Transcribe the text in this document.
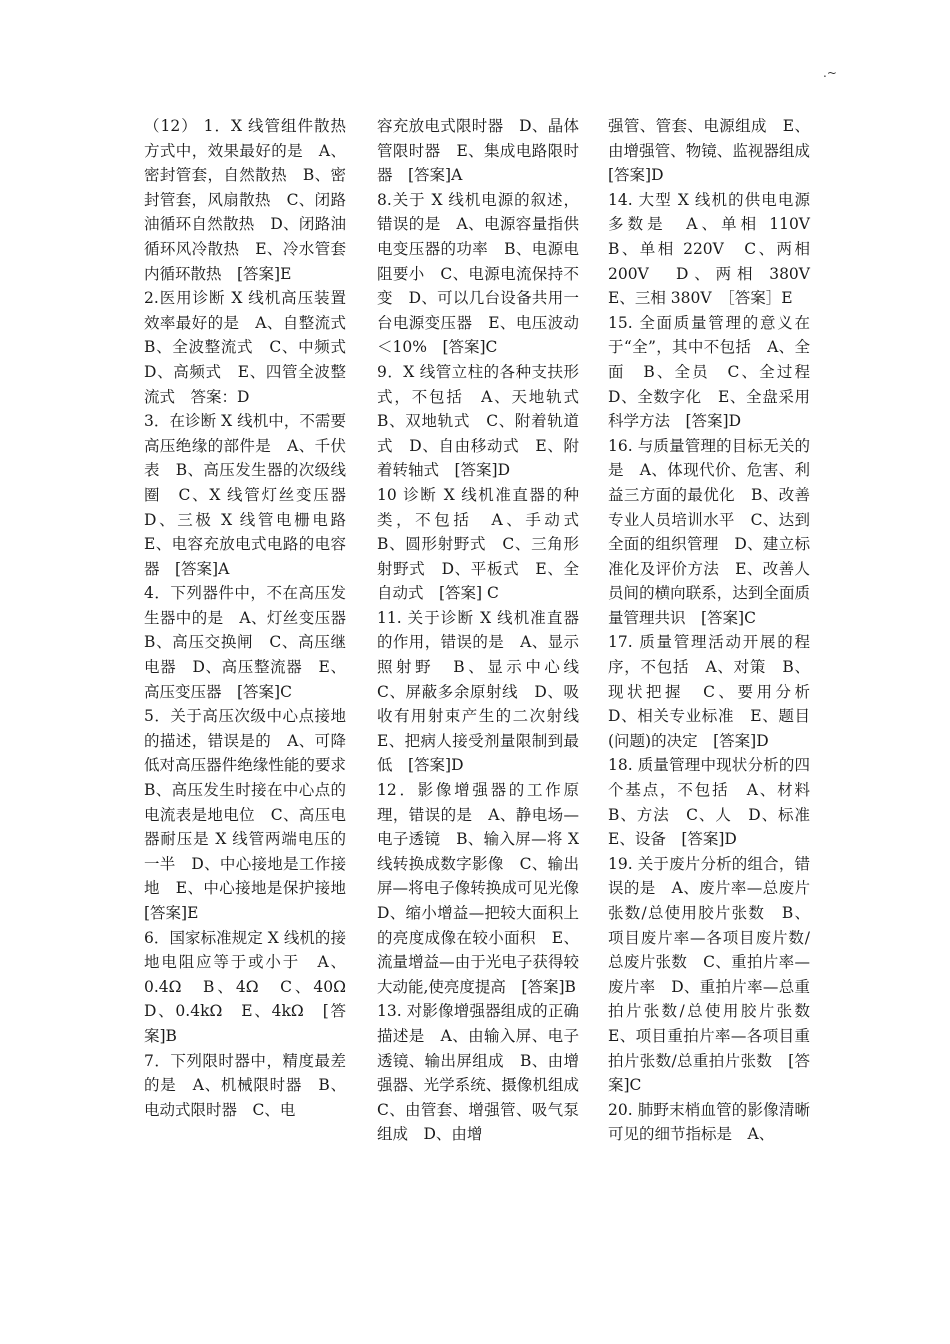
.~

（12） 1．X 线管组件散热方式中，效果最好的是　A、密封管套，自然散热　B、密封管套，风扇散热　C、闭路油循环自然散热　D、闭路油循环风冷散热　E、冷水管套内循环散热　[答案]E

2.医用诊断 X 线机高压装置效率最好的是　A、自整流式　B、全波整流式　C、中频式　D、高频式　E、四管全波整流式　答案：D

3．在诊断 X 线机中，不需要高压绝缘的部件是　A、千伏表　B、高压发生器的次级线圈　C、X 线管灯丝变压器　D、三极 X 线管电栅电路　E、电容充放电式电路的电容器　[答案]A

4．下列器件中，不在高压发生器中的是　A、灯丝变压器　B、高压交换闸　C、高压继电器　D、高压整流器　E、高压变压器　[答案]C

5．关于高压次级中心点接地的描述，错误是的　A、可降低对高压器件绝缘性能的要求　B、高压发生时接在中心点的电流表是地电位　C、高压电器耐压是 X 线管两端电压的一半　D、中心接地是工作接地　E、中心接地是保护接地　[答案]E

6．国家标准规定 X 线机的接地电阻应等于或小于　A、0.4Ω　B、4Ω　C、40Ω　D、0.4kΩ　E、4kΩ　[答案]B

7．下列限时器中，精度最差的是　A、机械限时器　B、电动式限时器　C、电

容充放电式限时器　D、晶体管限时器　E、集成电路限时器　[答案]A

8.关于 X 线机电源的叙述，错误的是　A、电源容量指供电变压器的功率　B、电源电阻要小　C、电源电流保持不变　D、可以几台设备共用一台电源变压器　E、电压波动＜10%　[答案]C

9．X 线管立柱的各种支扶形式，不包括　A、天地轨式　B、双地轨式　C、附着轨道式　D、自由移动式　E、附着转轴式　[答案]D

10 诊断 X 线机准直器的种类，不包括　A、手动式　B、圆形射野式　C、三角形射野式　D、平板式　E、全自动式　[答案] C

11. 关于诊断 X 线机准直器的作用，错误的是　A、显示照射野　B、显示中心线　C、屏蔽多余原射线　D、吸收有用射束产生的二次射线　E、把病人接受剂量限制到最低　[答案]D

12．影像增强器的工作原理，错误的是　A、静电场—电子透镜　B、输入屏—将 X 线转换成数字影像　C、输出屏—将电子像转换成可见光像　D、缩小增益—把较大面积上的亮度成像在较小面积　E、流量增益—由于光电子获得较大动能,使亮度提高　[答案]B

13. 对影像增强器组成的正确描述是　A、由输入屏、电子透镜、输出屏组成　B、由增强器、光学系统、摄像机组成　C、由管套、增强管、吸气泵组成　D、由增

强管、管套、电源组成　E、由增强管、物镜、监视器组成　[答案]D

14. 大型 X 线机的供电电源多数是　A、单相 110V　B、单相 220V　C、两相 200V　D、两相 380V　E、三相 380V　［答案］E

15. 全面质量管理的意义在于“全”，其中不包括　A、全面　B、全员　C、全过程　D、全数字化　E、全盘采用科学方法　[答案]D

16. 与质量管理的目标无关的是　A、体现代价、危害、利益三方面的最优化　B、改善专业人员培训水平　C、达到全面的组织管理　D、建立标准化及评价方法　E、改善人员间的横向联系，达到全面质量管理共识　[答案]C

17. 质量管理活动开展的程序，不包括　A、对策　B、现状把握　C、要用分析　D、相关专业标准　E、题目(问题)的决定　[答案]D

18. 质量管理中现状分析的四个基点，不包括　A、材料　B、方法　C、人　D、标准　E、设备　[答案]D

19. 关于废片分析的组合，错误的是　A、废片率—总废片张数/总使用胶片张数　B、项目废片率—各项目废片数/总废片张数　C、重拍片率—废片率　D、重拍片率—总重拍片张数/总使用胶片张数　E、项目重拍片率—各项目重拍片张数/总重拍片张数　[答案]C

20. 肺野末梢血管的影像清晰可见的细节指标是　A、
